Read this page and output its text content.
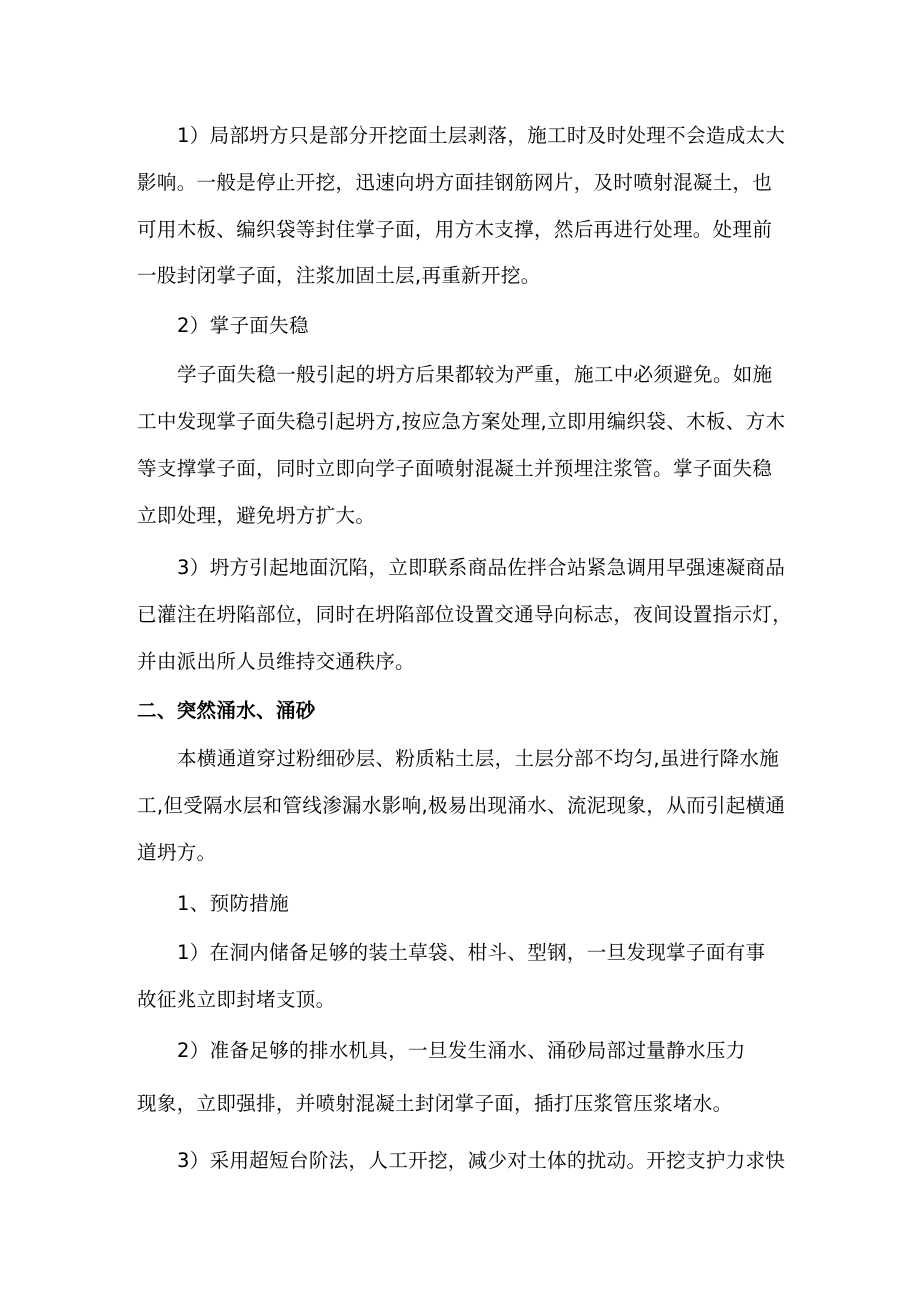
1）局部坍方只是部分开挖面土层剥落，施工时及时处理不会造成太大
影响。一般是停止开挖，迅速向坍方面挂钢筋网片，及时喷射混凝土，也
可用木板、编织袋等封住掌子面，用方木支撑，然后再进行处理。处理前
一股封闭掌子面，注浆加固土层,再重新开挖。
2）掌子面失稳
学子面失稳一般引起的坍方后果都较为严重，施工中必须避免。如施
工中发现掌子面失稳引起坍方,按应急方案处理,立即用编织袋、木板、方木
等支撑掌子面，同时立即向学子面喷射混凝土并预埋注浆管。掌子面失稳
立即处理，避免坍方扩大。
3）坍方引起地面沉陷，立即联系商品佐拌合站紧急调用早强速凝商品
已灌注在坍陷部位，同时在坍陷部位设置交通导向标志，夜间设置指示灯，
并由派出所人员维持交通秩序。
二、突然涌水、涌砂
本横通道穿过粉细砂层、粉质粘土层，土层分部不均匀,虽进行降水施
工,但受隔水层和管线渗漏水影响,极易出现涌水、流泥现象，从而引起横通
道坍方。
1、预防措施
1）在洞内储备足够的装土草袋、柑斗、型钢，一旦发现掌子面有事
故征兆立即封堵支顶。
2）准备足够的排水机具，一旦发生涌水、涌砂局部过量静水压力
现象，立即强排，并喷射混凝土封闭掌子面，插打压浆管压浆堵水。
3）采用超短台阶法，人工开挖，减少对土体的扰动。开挖支护力求快
